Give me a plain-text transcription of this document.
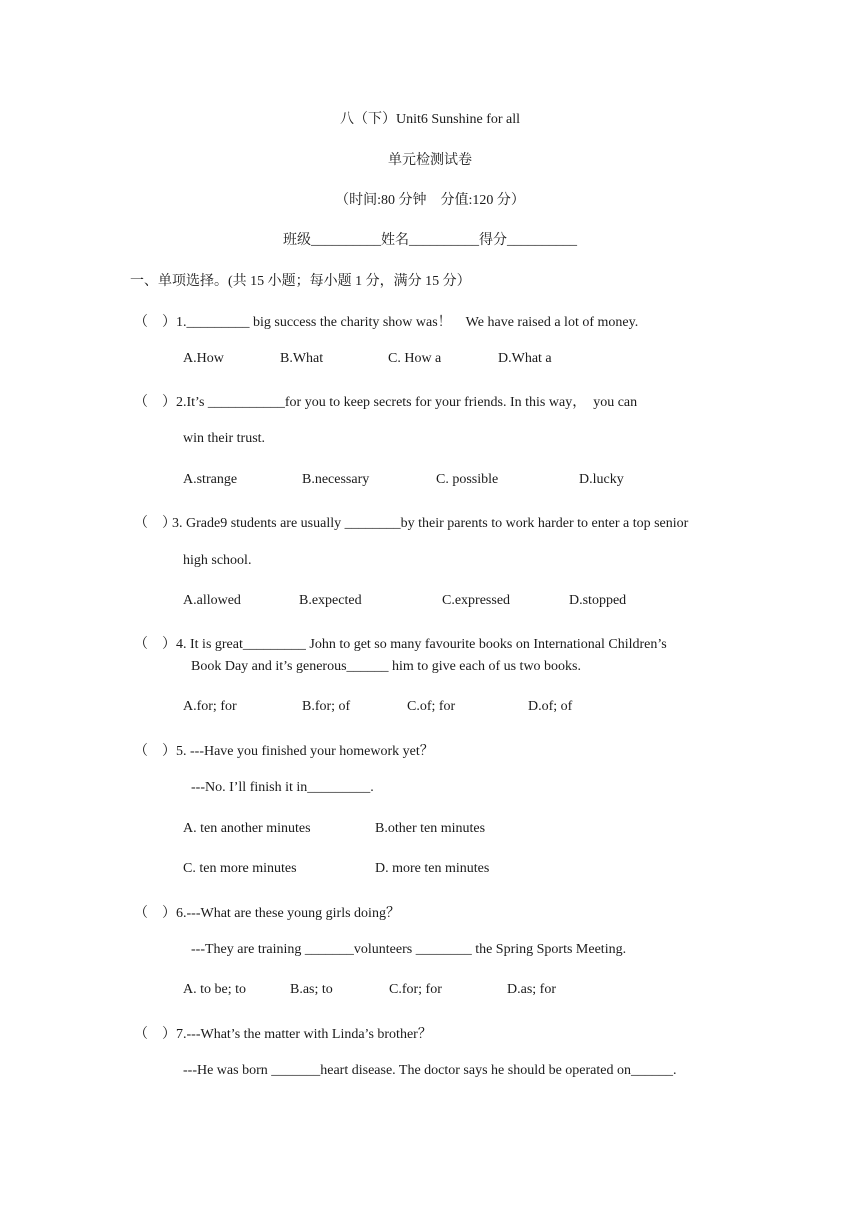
八（下）Unit6 Sunshine for all
单元检测试卷
（时间:80 分钟　分值:120 分）
班级__________姓名__________得分__________
一、单项选择。(共 15 小题；每小题 1 分，满分 15 分）
（　）1._________ big success the charity show was！　We have raised a lot of money.
A.How	B.What	C. How a	D.What a
（　）2.It’s ___________for you to keep secrets for your friends. In this way，　you can
win their trust.
A.strange	B.necessary	C. possible	D.lucky
（　）3. Grade9 students are usually ________by their parents to work harder to enter a top senior
high school.
A.allowed	B.expected	C.expressed	D.stopped
（　）4. It is great_________ John to get so many favourite books on International Children’s
Book Day and it’s generous______ him to give each of us two books.
A.for; for	B.for; of	C.of; for	D.of; of
（　）5. ---Have you finished your homework yet？
---No. I’ll finish it in_________.
A. ten another minutes	B.other ten minutes
C. ten more minutes	D. more ten minutes
（　）6.---What are these young girls doing？
---They are training _______volunteers ________ the Spring Sports Meeting.
A. to be; to	B.as; to	C.for; for	D.as; for
（　）7.---What’s the matter with Linda’s brother？
---He was born _______heart disease. The doctor says he should be operated on______.
